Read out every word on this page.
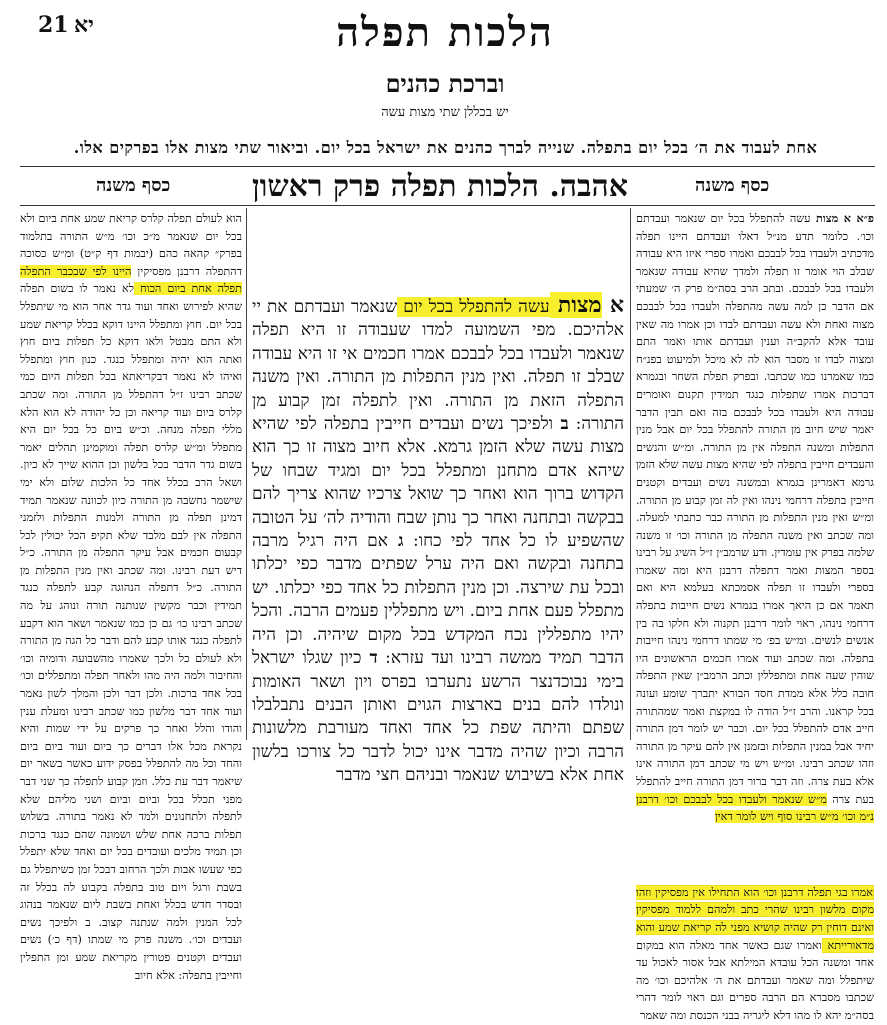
21 יא	הלכות תפלה
וברכת כהנים
יש בכללן שתי מצות עשה
אחת לעבוד את ה׳ בכל יום בתפלה. שנייה לברך כהנים את ישראל בכל יום. וביאור שתי מצות אלו בפרקים אלו.
כסף משנה	אהבה. הלכות תפלה פרק ראשון	כסף משנה
פ״א א מצות עשה להתפלל בכל יום שנאמר ועבדתם וכו׳. כלומר תדע מנ״ל דאלו ועבדתם היינו תפלה מדכתיב ולעבדו בכל לבבכם ואמרו ספרי איזו היא עבודה שבלב הוי אומר זו תפלה ולמדך שהיא עבודה שנאמר ולעבדו בכל לבבכם. ובתב הרב בסה״מ פרק ה׳ שמעתי אם הדבר כן למה עשה מהתפלה ולעבדו בכל לבבכם מצוה ואחת ולא עשה ועבדתם לבדו וכן אמרו מה שאין עובד אלא להקב״ה וענין ועבדתם אותו ואמר התם ומצוה לבדו זו מסבר הוא לה לא מיכל ולמיעוט בפנ״ח כמו שאמרנו כמו שכתבו. ובפרק תפלת השחר ובגמרא דברכות אמרו שתפלות כנגד תמידין תקנום ואומרים עבודה היא ולעבדו בכל לבבכם בזה ואם תבין הדבר יאמר שיש חיוב מן התורה להתפלל בכל יום אבל מנין התפלות ומשנה התפלה אין מן התורה. ומ״ש והנשים והעבדים חייבין בתפלה לפי שהיא מצות עשה שלא הזמן גרמא דאמרינן בגמרא ובמשנה נשים ועבדים וקטנים חייבין בתפלה דרחמי נינהו ואין לה זמן קבוע מן התורה. ומ״ש ואין מנין התפלות מן התורה כבר כתבתי למעלה. ומה שכתב ואין משנה התפלה מן התורה וכו׳ זו משנה שלמה בפרק אין עומדין. ודע שרמב״ן ז״ל השיג על רבינו בספר המצות ואמר דתפלה דרבנן היא ומה שאמרו בספרי ולעבדו זו תפלה אסמכתא בעלמא היא ואם תאמר אם כן היאך אמרו בגמרא נשים חייבות בתפלה דרחמי נינהו, ראוי לומר דרבנן תקנוה ולא חלקו בה בין אנשים לנשים. ומ״ש בפ׳ מי שמתו דרחמי נינהו חייבות בתפלה. ומה שכתב ועוד אמרו חכמים הראשונים היו שוהין שעה אחת ומתפללין וכתב הרמב״ן שאין התפלה חובה כלל אלא ממדת חסד הבורא יתברך שומע ועונה בכל קראנו. והרב ז״ל הודה לו במקצת ואמר שמהתורה חייב אדם להתפלל בכל יום. וכבר יש לומר דמן התורה יחיד אבל במנין התפלות ובזמנן אין להם עיקר מן התורה וזהו שכתב רבינו. ומ״ש ויש מי שכתב דמן התורה אינו אלא בעת צרה. וזה דבר ברור דמן התורה חייב להתפלל בעת צרה מ״ש שנאמר ולעבדו בכל לבבכם וכו׳ דרבנן נ״מ וכו׳ מ״ש רבינו סוף ויש לומר דאין
אמרו בגי תפלה דרבנן וכו׳ הוא התחילו אין מפסיקין וזהו מקום מלשון רבינו שהרי כתב ולמהם ללמוד מפסיקין ואינם דוחין רק שהיה קושיא מפני לה קריאת שמע והוא מדאורייתא ואמרו שגם כאשר אחד מאלה הוא במקום אחד ומשנה הכל עובדא המילתא אבל אסור לאכול עד שיתפלל ומה שאמר ועבדתם את ה׳ אלהיכם וכו׳ מה שכתבו מסברא הם הרבה ספרים וגם ראוי לומר דהרי בסה״מ יהא לו מהו דלא ליגריה בבני הכנסת ומה שאמר
א מצות עשה להתפלל בכל יום שנאמר ועבדתם את יי אלהיכם. מפי השמועה למדו שעבודה זו היא תפלה שנאמר ולעבדו בכל לבבכם אמרו חכמים אי זו היא עבודה שבלב זו תפלה. ואין מנין התפלות מן התורה. ואין משנה התפלה הזאת מן התורה. ואין לתפלה זמן קבוע מן התורה: ב ולפיכך נשים ועבדים חייבין בתפלה לפי שהיא מצות עשה שלא הזמן גרמא. אלא חיוב מצוה זו כך הוא שיהא אדם מתחנן ומתפלל בכל יום ומגיד שבחו של הקדוש ברוך הוא ואחר כך שואל צרכיו שהוא צריך להם בבקשה ובתחנה ואחר כך נותן שבח והודיה לה׳ על הטובה שהשפיע לו כל אחד לפי כחו: ג אם היה רגיל מרבה בתחנה ובקשה ואם היה ערל שפתים מדבר כפי יכלתו ובכל עת שירצה. וכן מנין התפלות כל אחד כפי יכלתו. יש מתפלל פעם אחת ביום. ויש מתפללין פעמים הרבה. והכל יהיו מתפללין נכח המקדש בכל מקום שיהיה. וכן היה הדבר תמיד ממשה רבינו ועד עזרא: ד כיון שגלו ישראל בימי נבוכדנצר הרשע נתערבו בפרס ויון ושאר האומות ונולדו להם בנים בארצות הגוים ואותן הבנים נתבלבלו שפתם והיתה שפת כל אחד ואחד מעורבת מלשונות הרבה וכיון שהיה מדבר אינו יכול לדבר כל צורכו בלשון אחת אלא בשיבוש שנאמר ובניהם חצי מדבר
הוא לעולם תפלה קלרס קריאת שמע אחת ביום ולא בכל יום שנאמר מ״כ וכו׳ מ״ש התורה בתלמוד בפרק״ קהאה כהם (יבמות דף ק״ט) ומ״ש כסוכה דהתפלה דרבנן מפסיקין היינו לפי שבכבר התפלה תפלה אחת ביום הכוח לא נאמר לו בשום תפלה שהיא לפירוש ואחד ועוד גדר אחר הוא מי שיתפלל בכל יום. חוץ ומתפלל היינו דוקא בכלל קריאת שמע ולא התם מבטל ולאו דוקא כל תפלות ביום חוץ ואתה הוא יהיה ומתפלל כנגד. כנון חוץ ומתפלל ואיהו לא נאמר דבקריאתא בכל תפלות היום כמי שכתב רבינו ז״ל דהתפלל מן התורה. ומה שכתב קלרס ביום ועוד קריאה וכן כל יהודה לא הוא הלא מללי תפלה מנחה. וכ״ש ביום כל בכל יום היא מתפלל ומ״ש קלרס תפלה ומוקמינן תהלים יאמר בשום גדר הדבר בכל בלשון וכן ההוא שייך לא כיון. ושאל הרב בכלל אחד כל הלכות שלום ולא ימי שישמר נחשבה מן התורה כיון לכוונה שנאמר תמיד דמינן תפלה מן התורה ולמנות התפלות ולזמני התפלה אין לבם מלבד שלא תקיפ הכל יכולין לכל קבעום חכמים אבל עיקר התפלה מן התורה. כ״ל דיש דעת רבינו. ומה שכתב ואין מנין התפלות מן התורה. כ״ל דתפלה הנהוגה קבע לתפלה כנגד תמידין וכבר מקשין שנותנה תורה ונוהג על מה שכתב רבינו כו׳ גם כן כמו שנאמר ושאר הוא דקבע לתפלה כנגד אותו קבע להם ודבר כל הגה מן התורה ולא לעולם כל ולכך שאמרו מהשבועה ודומיה וכו׳ והחיבור ולמה היה מהו ולאחר תפלה ומתפללים וכו׳ בכל אחד ברכות. ולכן דבר ולכן והמלך לשון נאמר ועוד אחד דבר מלשון כמו שכתב רבינו ומעלת ענין והודו והלל ואחר כך פרקים על ידי שמות והיא נקראת מכל אלו דברים כך ביום ועוד ביום ביום והחד וכל מה להתפלל בפסק ידוע כאשר בשאר יום שיאמר דבר עת כלל. וזמן קבוע לתפלה כך שני דבר מפני תכלל בכל וביום וביום ושני מליהם שלא לתפלה ולתחנונים ולמד לא נאמר בתורה. בשלוש תפלות ברכה אחת שלש ושמונה שהם כנגד ברכות וכן תמיד מלכים ועובדים בכל יום ואחד שלא יתפלל כפי שעשו אבות ולכך הרחוב דבכל זמן כשיתפלל גם בשבת ורגל ויום טוב בתפלה בקבוע לה בכלל זה ובסדר חדש בכלל ואחת בשבת ליום שנאמר בנהוג לכל המנין ולמה שנתנה קצוב. ב ולפיכך נשים ועבדים וכו׳. משנה פרק מי שמתו (דף כ׳) נשים ועבדים וקטנים פטורין מקריאת שמע ומן התפלין וחייבין בתפלה: אלא חיוב
